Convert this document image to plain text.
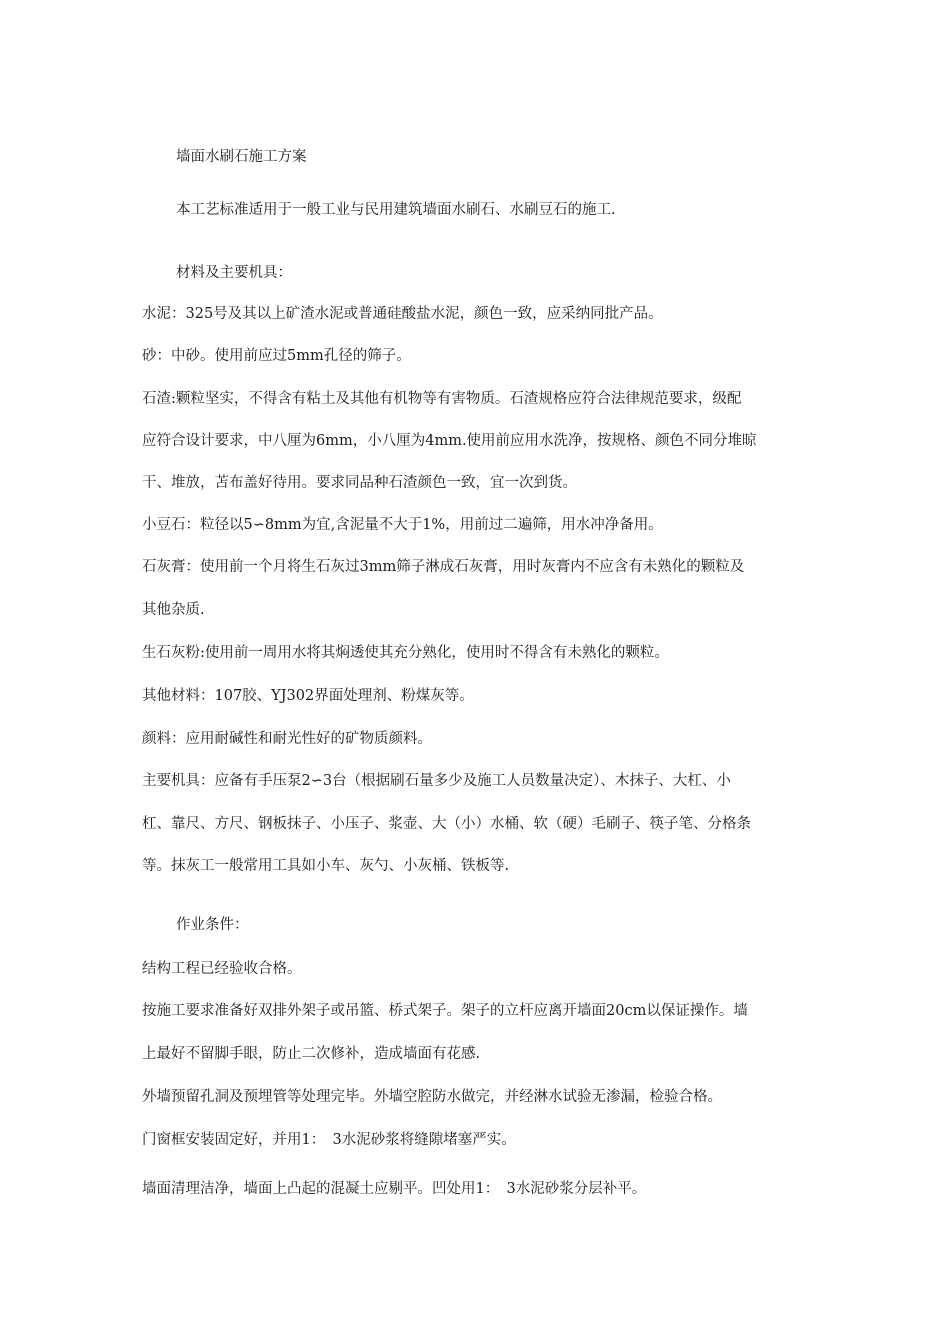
墙面水刷石施工方案
本工艺标准适用于一般工业与民用建筑墙面水刷石、水刷豆石的施工.
材料及主要机具：
水泥：325号及其以上矿渣水泥或普通硅酸盐水泥，颜色一致，应采纳同批产品。
砂：中砂。使用前应过5mm孔径的筛子。
石渣:颗粒坚实，不得含有粘土及其他有机物等有害物质。石渣规格应符合法律规范要求，级配
应符合设计要求，中八厘为6mm，小八厘为4mm.使用前应用水洗净，按规格、颜色不同分堆晾
干、堆放，苫布盖好待用。要求同品种石渣颜色一致，宜一次到货。
小豆石：粒径以5∽8mm为宜,含泥量不大于1%，用前过二遍筛，用水冲净备用。
石灰膏：使用前一个月将生石灰过3mm筛子淋成石灰膏，用时灰膏内不应含有未熟化的颗粒及
其他杂质.
生石灰粉:使用前一周用水将其焖透使其充分熟化，使用时不得含有未熟化的颗粒。
其他材料：107胶、YJ302界面处理剂、粉煤灰等。
颜料：应用耐碱性和耐光性好的矿物质颜料。
主要机具：应备有手压泵2∽3台（根据刷石量多少及施工人员数量决定）、木抹子、大杠、小
杠、靠尺、方尺、钢板抹子、小压子、浆壶、大（小）水桶、软（硬）毛刷子、筷子笔、分格条
等。抹灰工一般常用工具如小车、灰勺、小灰桶、铁板等.
作业条件：
结构工程已经验收合格。
按施工要求准备好双排外架子或吊篮、桥式架子。架子的立杆应离开墙面20cm以保证操作。墙
上最好不留脚手眼，防止二次修补，造成墙面有花感.
外墙预留孔洞及预埋管等处理完毕。外墙空腔防水做完，并经淋水试验无渗漏，检验合格。
门窗框安装固定好，并用1：　3水泥砂浆将缝隙堵塞严实。
墙面清理洁净，墙面上凸起的混凝土应剔平。凹处用1：　3水泥砂浆分层补平。
